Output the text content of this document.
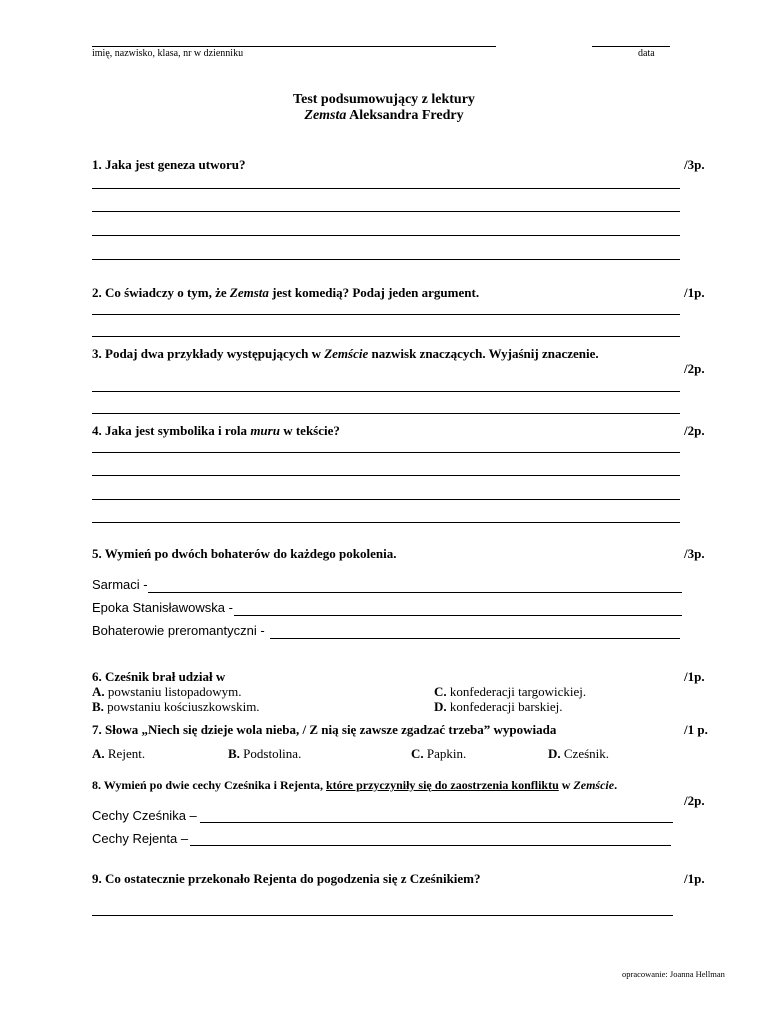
imię, nazwisko, klasa, nr w dzienniku	data
Test podsumowujący z lektury
Zemsta Aleksandra Fredry
1. Jaka jest geneza utworu?	/3p.
2. Co świadczy o tym, że Zemsta jest komedią? Podaj jeden argument.	/1p.
3. Podaj dwa przykłady występujących w Zemście nazwisk znaczących. Wyjaśnij znaczenie.
/2p.
4. Jaka jest symbolika i rola muru w tekście?	/2p.
5. Wymień po dwóch bohaterów do każdego pokolenia.	/3p.
Sarmaci -
Epoka Stanisławowska -
Bohaterowie preromantyczni -
6. Cześnik brał udział w	/1p.
A. powstaniu listopadowym.
B. powstaniu kościuszkowskim.
C. konfederacji targowickiej.
D. konfederacji barskiej.
7. Słowa „Niech się dzieje wola nieba, / Z nią się zawsze zgadzać trzeba” wypowiada	/1 p.
A. Rejent.	B. Podstolina.	C. Papkin.	D. Cześnik.
8. Wymień po dwie cechy Cześnika i Rejenta, które przyczyniły się do zaostrzenia konfliktu w Zemście.
/2p.
Cechy Cześnika –
Cechy Rejenta –
9. Co ostatecznie przekonało Rejenta do pogodzenia się z Cześnikiem?	/1p.
opracowanie: Joanna Hellman
